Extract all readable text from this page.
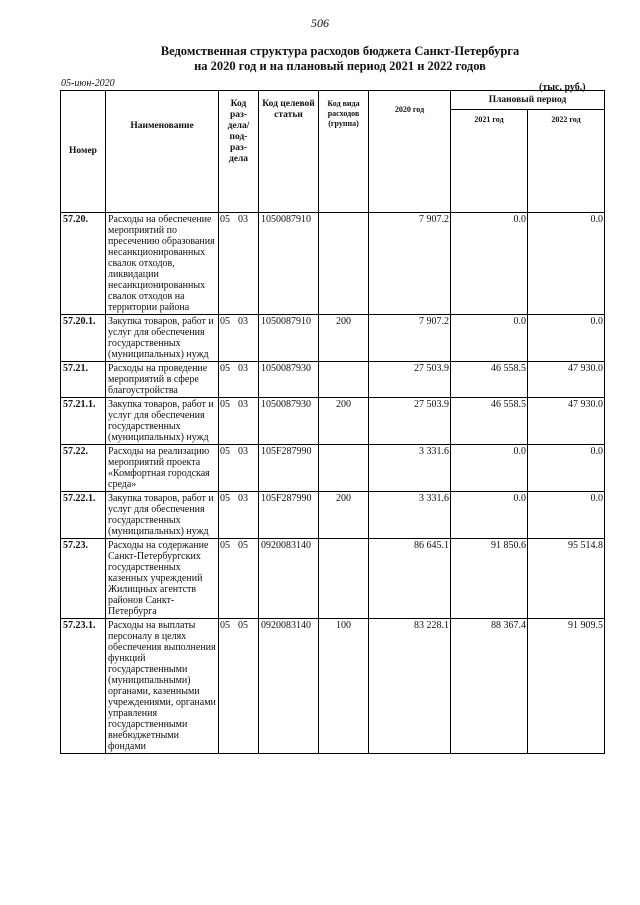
506
Ведомственная структура расходов бюджета Санкт-Петербурга
на 2020 год и на плановый период 2021 и 2022 годов
05-июн-2020	(тыс. руб.)
Номер	Наименование	Код раз- дела/ под- раз- дела	Код целевой статьи	Код вида расходов (группа)	2020 год	Плановый период	
						2021 год	2022 год
57.20.	Расходы на обеспечение мероприятий по пресечению образования несанкционированных свалок отходов, ликвидации несанкционированных свалок отходов на территории района	05 03	1050087910		7 907.2	0.0	0.0
57.20.1.	Закупка товаров, работ и услуг для обеспечения государственных (муниципальных) нужд	05 03	1050087910	200	7 907.2	0.0	0.0
57.21.	Расходы на проведение мероприятий в сфере благоустройства	05 03	1050087930		27 503.9	46 558.5	47 930.0
57.21.1.	Закупка товаров, работ и услуг для обеспечения государственных (муниципальных) нужд	05 03	1050087930	200	27 503.9	46 558.5	47 930.0
57.22.	Расходы на реализацию мероприятий проекта «Комфортная городская среда»	05 03	105F287990		3 331.6	0.0	0.0
57.22.1.	Закупка товаров, работ и услуг для обеспечения государственных (муниципальных) нужд	05 03	105F287990	200	3 331.6	0.0	0.0
57.23.	Расходы на содержание Санкт-Петербургских государственных казенных учреждений Жилищных агентств районов Санкт-Петербурга	05 05	0920083140		86 645.1	91 850.6	95 514.8
57.23.1.	Расходы на выплаты персоналу в целях обеспечения выполнения функций государственными (муниципальными) органами, казенными учреждениями, органами управления государственными внебюджетными фондами	05 05	0920083140	100	83 228.1	88 367.4	91 909.5
